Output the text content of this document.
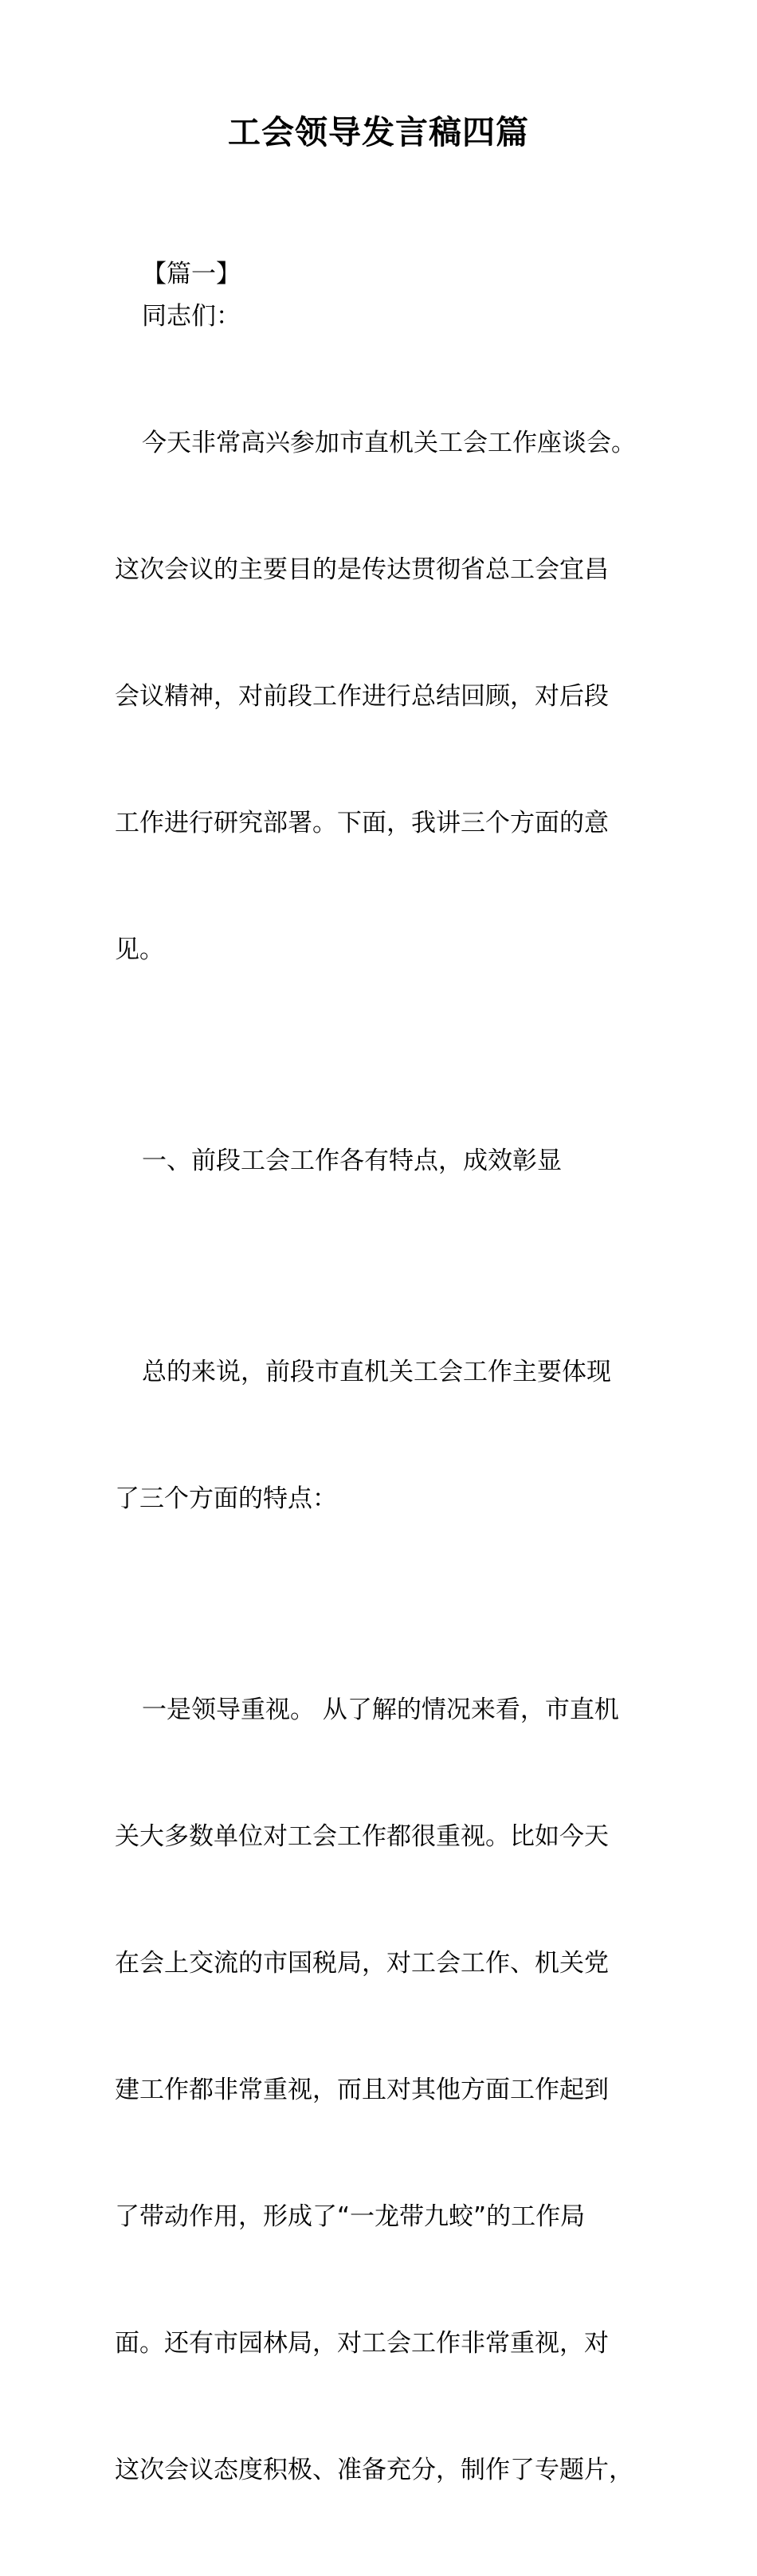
工会领导发言稿四篇

【篇一】

同志们：

今天非常高兴参加市直机关工会工作座谈会。

这次会议的主要目的是传达贯彻省总工会宜昌

会议精神，对前段工作进行总结回顾，对后段

工作进行研究部署。下面，我讲三个方面的意

见。

一、前段工会工作各有特点，成效彰显

总的来说，前段市直机关工会工作主要体现

了三个方面的特点：

一是领导重视。 从了解的情况来看，市直机

关大多数单位对工会工作都很重视。比如今天

在会上交流的市国税局，对工会工作、机关党

建工作都非常重视，而且对其他方面工作起到

了带动作用，形成了“一龙带九蛟”的工作局

面。还有市园林局，对工会工作非常重视，对

这次会议态度积极、准备充分，制作了专题片，
